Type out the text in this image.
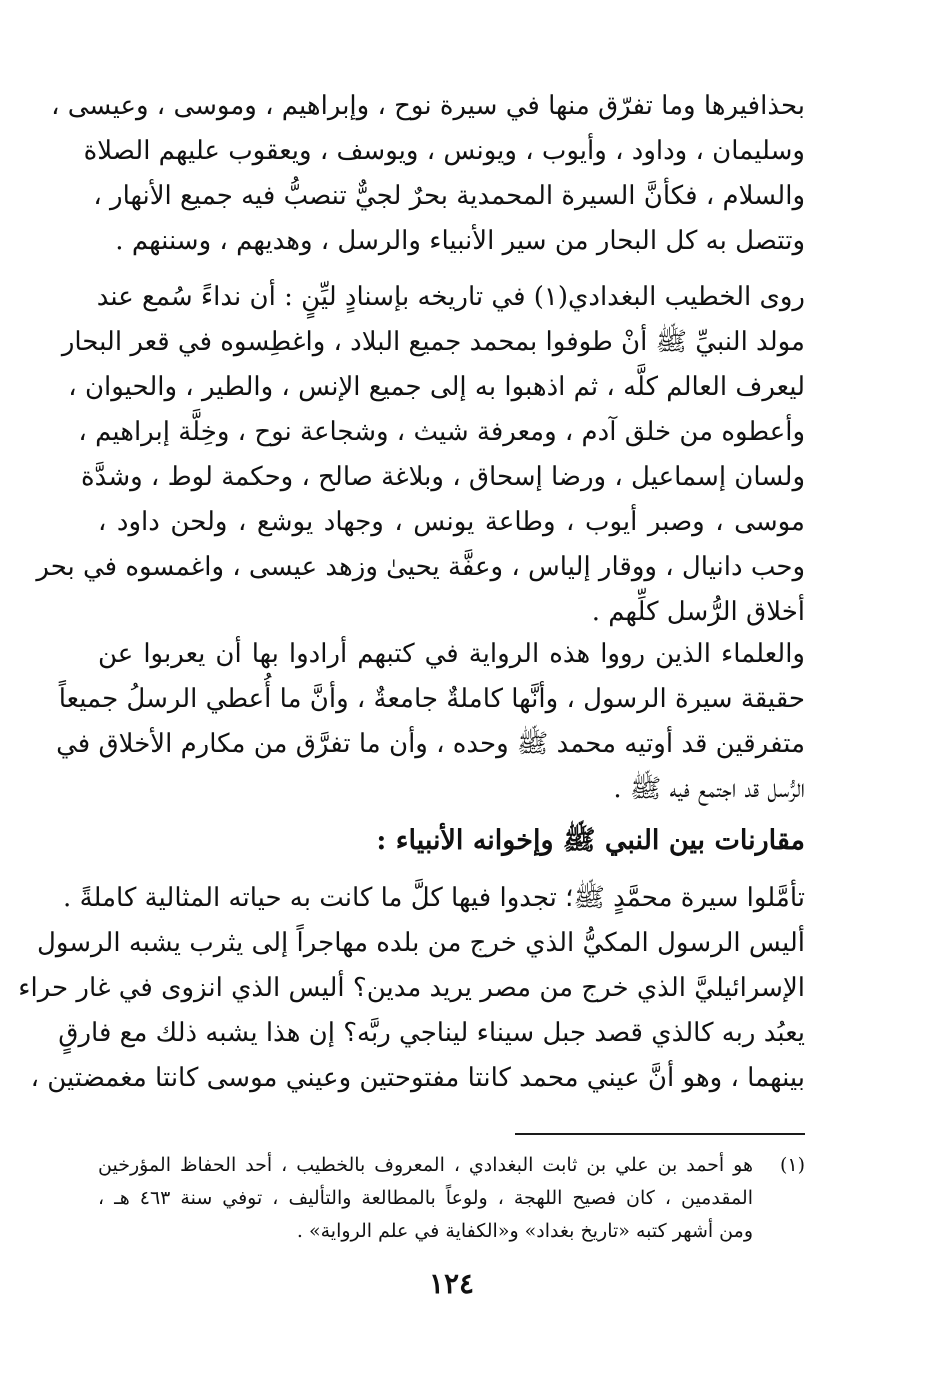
بحذافيرها وما تفرّق منها في سيرة نوح ، وإبراهيم ، وموسى ، وعيسى ،
وسليمان ، وداود ، وأيوب ، ويونس ، ويوسف ، ويعقوب عليهم الصلاة
والسلام ، فكأنَّ السيرة المحمدية بحرٌ لجيٌّ تنصبُّ فيه جميع الأنهار ،
وتتصل به كل البحار من سير الأنبياء والرسل ، وهديهم ، وسننهم .

روى الخطيب البغدادي(١) في تاريخه بإسنادٍ ليِّنٍ : أن نداءً سُمع عند
مولد النبيِّ ﷺ أنْ طوفوا بمحمد جميع البلاد ، واغطِسوه في قعر البحار
ليعرف العالم كلَّه ، ثم اذهبوا به إلى جميع الإنس ، والطير ، والحيوان ،
وأعطوه من خلق آدم ، ومعرفة شيث ، وشجاعة نوح ، وخِلَّة إبراهيم ،
ولسان إسماعيل ، ورضا إسحاق ، وبلاغة صالح ، وحكمة لوط ، وشدَّة
موسى ، وصبر أيوب ، وطاعة يونس ، وجهاد يوشع ، ولحن داود ،
وحب دانيال ، ووقار إلياس ، وعفَّة يحيىٰ وزهد عيسى ، واغمسوه في بحر
أخلاق الرُّسل كلِّهم .

والعلماء الذين رووا هذه الرواية في كتبهم أرادوا بها أن يعربوا عن
حقيقة سيرة الرسول ، وأنَّها كاملةٌ جامعةٌ ، وأنَّ ما أُعطي الرسلُ جميعاً
متفرقين قد أوتيه محمد ﷺ وحده ، وأن ما تفرَّق من مكارم الأخلاق في
الرُّسل قد اجتمع فيه ﷺ .

مقارنات بين النبي ﷺ وإخوانه الأنبياء :

تأمَّلوا سيرة محمَّدٍ ﷺ؛ تجدوا فيها كلَّ ما كانت به حياته المثالية كاملةً .
أليس الرسول المكيُّ الذي خرج من بلده مهاجراً إلى يثرب يشبه الرسول
الإسرائيليَّ الذي خرج من مصر يريد مدين؟ أليس الذي انزوى في غار حراء
يعبُد ربه كالذي قصد جبل سيناء ليناجي ربَّه؟ إن هذا يشبه ذلك مع فارقٍ
بينهما ، وهو أنَّ عيني محمد كانتا مفتوحتين وعيني موسى كانتا مغمضتين ،

(١)
هو أحمد بن علي بن ثابت البغدادي ، المعروف بالخطيب ، أحد الحفاظ المؤرخين
المقدمين ، كان فصيح اللهجة ، ولوعاً بالمطالعة والتأليف ، توفي سنة ٤٦٣ هـ ،
ومن أشهر كتبه «تاريخ بغداد» و«الكفاية في علم الرواية» .

١٢٤
